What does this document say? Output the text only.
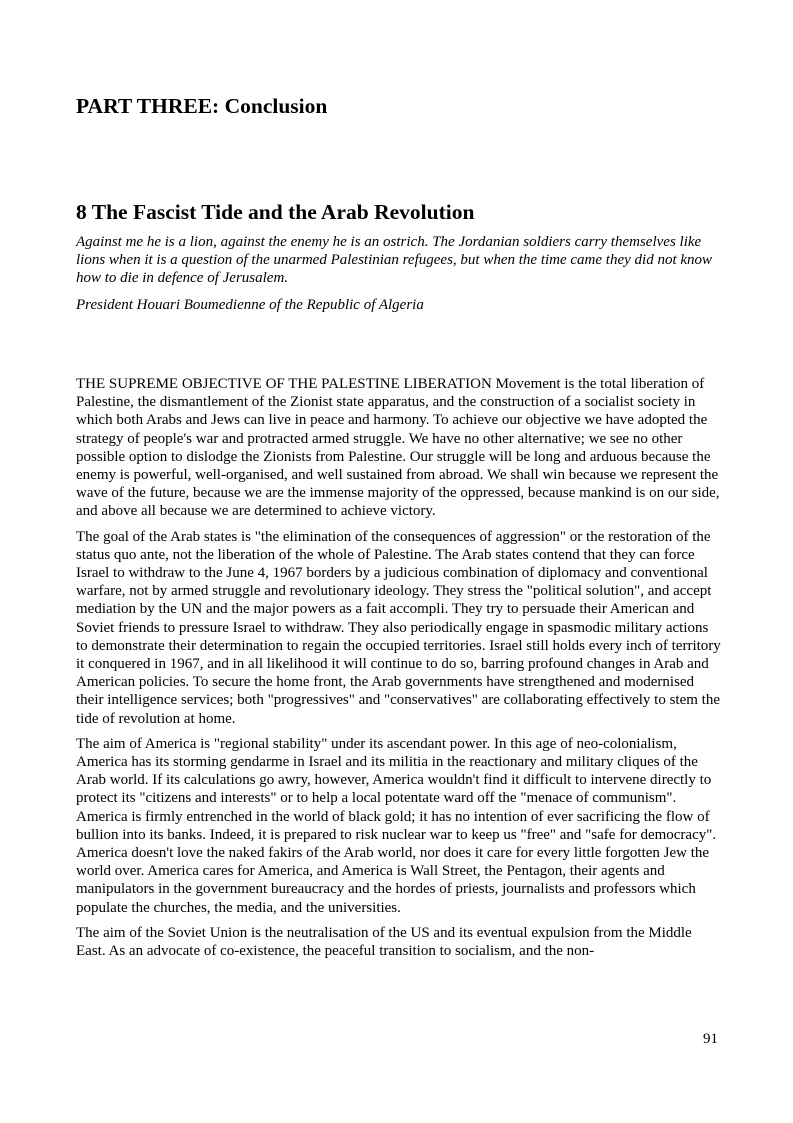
PART THREE: Conclusion
8 The Fascist Tide and the Arab Revolution

Against me he is a lion, against the enemy he is an ostrich. The Jordanian soldiers carry themselves like lions when it is a question of the unarmed Palestinian refugees, but when the time came they did not know how to die in defence of Jerusalem.

President Houari Boumedienne of the Republic of Algeria

THE SUPREME OBJECTIVE OF THE PALESTINE LIBERATION Movement is the total liberation of Palestine, the dismantlement of the Zionist state apparatus, and the construction of a socialist society in which both Arabs and Jews can live in peace and harmony. To achieve our objective we have adopted the strategy of people's war and protracted armed struggle. We have no other alternative; we see no other possible option to dislodge the Zionists from Palestine. Our struggle will be long and arduous because the enemy is powerful, well-organised, and well sustained from abroad. We shall win because we represent the wave of the future, because we are the immense majority of the oppressed, because mankind is on our side, and above all because we are determined to achieve victory.

The goal of the Arab states is "the elimination of the consequences of aggression" or the restoration of the status quo ante, not the liberation of the whole of Palestine. The Arab states contend that they can force Israel to withdraw to the June 4, 1967 borders by a judicious combination of diplomacy and conventional warfare, not by armed struggle and revolutionary ideology. They stress the "political solution", and accept mediation by the UN and the major powers as a fait accompli. They try to persuade their American and Soviet friends to pressure Israel to withdraw. They also periodically engage in spasmodic military actions to demonstrate their determination to regain the occupied territories. Israel still holds every inch of territory it conquered in 1967, and in all likelihood it will continue to do so, barring profound changes in Arab and American policies. To secure the home front, the Arab governments have strengthened and modernised their intelligence services; both "progressives" and "conservatives" are collaborating effectively to stem the tide of revolution at home.

The aim of America is "regional stability" under its ascendant power. In this age of neo-colonialism, America has its storming gendarme in Israel and its militia in the reactionary and military cliques of the Arab world. If its calculations go awry, however, America wouldn't find it difficult to intervene directly to protect its "citizens and interests" or to help a local potentate ward off the "menace of communism". America is firmly entrenched in the world of black gold; it has no intention of ever sacrificing the flow of bullion into its banks. Indeed, it is prepared to risk nuclear war to keep us "free" and "safe for democracy". America doesn't love the naked fakirs of the Arab world, nor does it care for every little forgotten Jew the world over. America cares for America, and America is Wall Street, the Pentagon, their agents and manipulators in the government bureaucracy and the hordes of priests, journalists and professors which populate the churches, the media, and the universities.

The aim of the Soviet Union is the neutralisation of the US and its eventual expulsion from the Middle East. As an advocate of co-existence, the peaceful transition to socialism, and the non-

91
